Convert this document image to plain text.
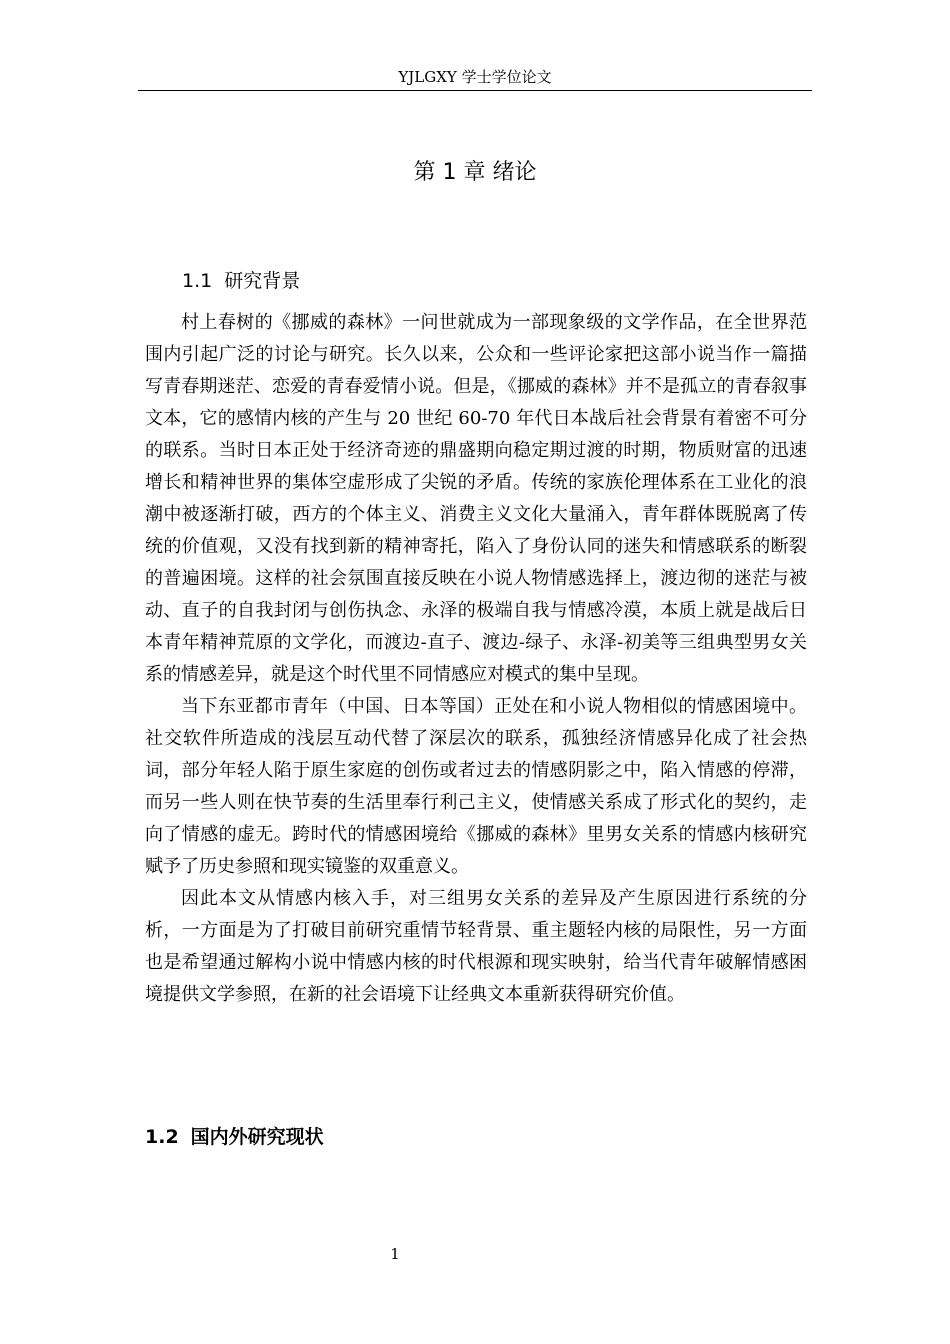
YJLGXY 学士学位论文
第 1 章 绪论
1.1 研究背景

村上春树的《挪威的森林》一问世就成为一部现象级的文学作品，在全世界范围内引起广泛的讨论与研究。长久以来，公众和一些评论家把这部小说当作一篇描写青春期迷茫、恋爱的青春爱情小说。但是，《挪威的森林》并不是孤立的青春叙事文本，它的感情内核的产生与 20 世纪 60-70 年代日本战后社会背景有着密不可分的联系。当时日本正处于经济奇迹的鼎盛期向稳定期过渡的时期，物质财富的迅速增长和精神世界的集体空虚形成了尖锐的矛盾。传统的家族伦理体系在工业化的浪潮中被逐渐打破，西方的个体主义、消费主义文化大量涌入，青年群体既脱离了传统的价值观，又没有找到新的精神寄托，陷入了身份认同的迷失和情感联系的断裂的普遍困境。这样的社会氛围直接反映在小说人物情感选择上，渡边彻的迷茫与被动、直子的自我封闭与创伤执念、永泽的极端自我与情感冷漠，本质上就是战后日本青年精神荒原的文学化，而渡边-直子、渡边-绿子、永泽-初美等三组典型男女关系的情感差异，就是这个时代里不同情感应对模式的集中呈现。

当下东亚都市青年（中国、日本等国）正处在和小说人物相似的情感困境中。社交软件所造成的浅层互动代替了深层次的联系，孤独经济情感异化成了社会热词，部分年轻人陷于原生家庭的创伤或者过去的情感阴影之中，陷入情感的停滞，而另一些人则在快节奏的生活里奉行利己主义，使情感关系成了形式化的契约，走向了情感的虚无。跨时代的情感困境给《挪威的森林》里男女关系的情感内核研究赋予了历史参照和现实镜鉴的双重意义。

因此本文从情感内核入手，对三组男女关系的差异及产生原因进行系统的分析，一方面是为了打破目前研究重情节轻背景、重主题轻内核的局限性，另一方面也是希望通过解构小说中情感内核的时代根源和现实映射，给当代青年破解情感困境提供文学参照，在新的社会语境下让经典文本重新获得研究价值。

1.2 国内外研究现状
1
